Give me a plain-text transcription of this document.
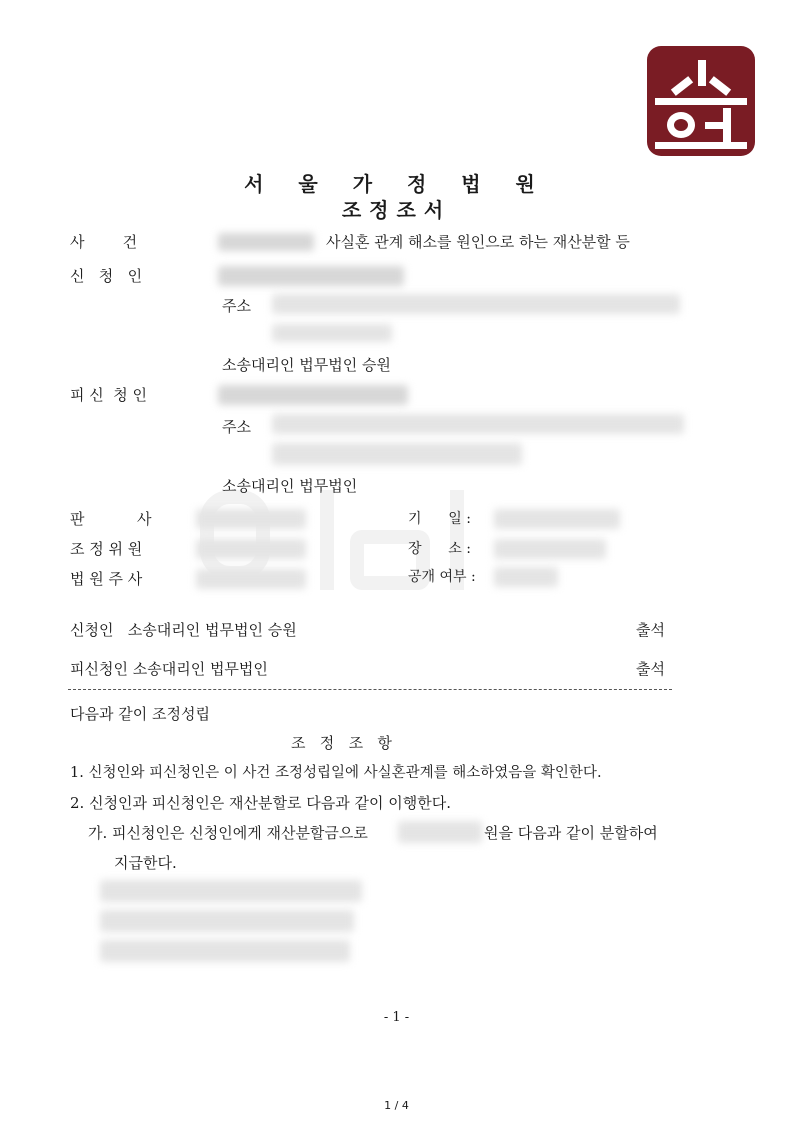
서 울 가 정 법 원
조정조서
사        건	사실혼 관계 해소를 원인으로 하는 재산분할 등
신   청   인
주소
소송대리인 법무법인 승원
피 신  청 인
주소
소송대리인 법무법인
판           사
조 정 위 원
법 원 주 사
기      일 :
장      소 :
공개 여부 :
신청인   소송대리인 법무법인 승원	출석
피신청인 소송대리인 법무법인	출석
다음과 같이 조정성립
조   정   조   항
1. 신청인와 피신청인은 이 사건 조정성립일에 사실혼관계를 해소하였음을 확인한다.
2. 신청인과 피신청인은 재산분할로 다음과 같이 이행한다.
가. 피신청인은 신청인에게 재산분할금으로	원을 다음과 같이 분할하여
지급한다.
- 1 -
1 / 4
